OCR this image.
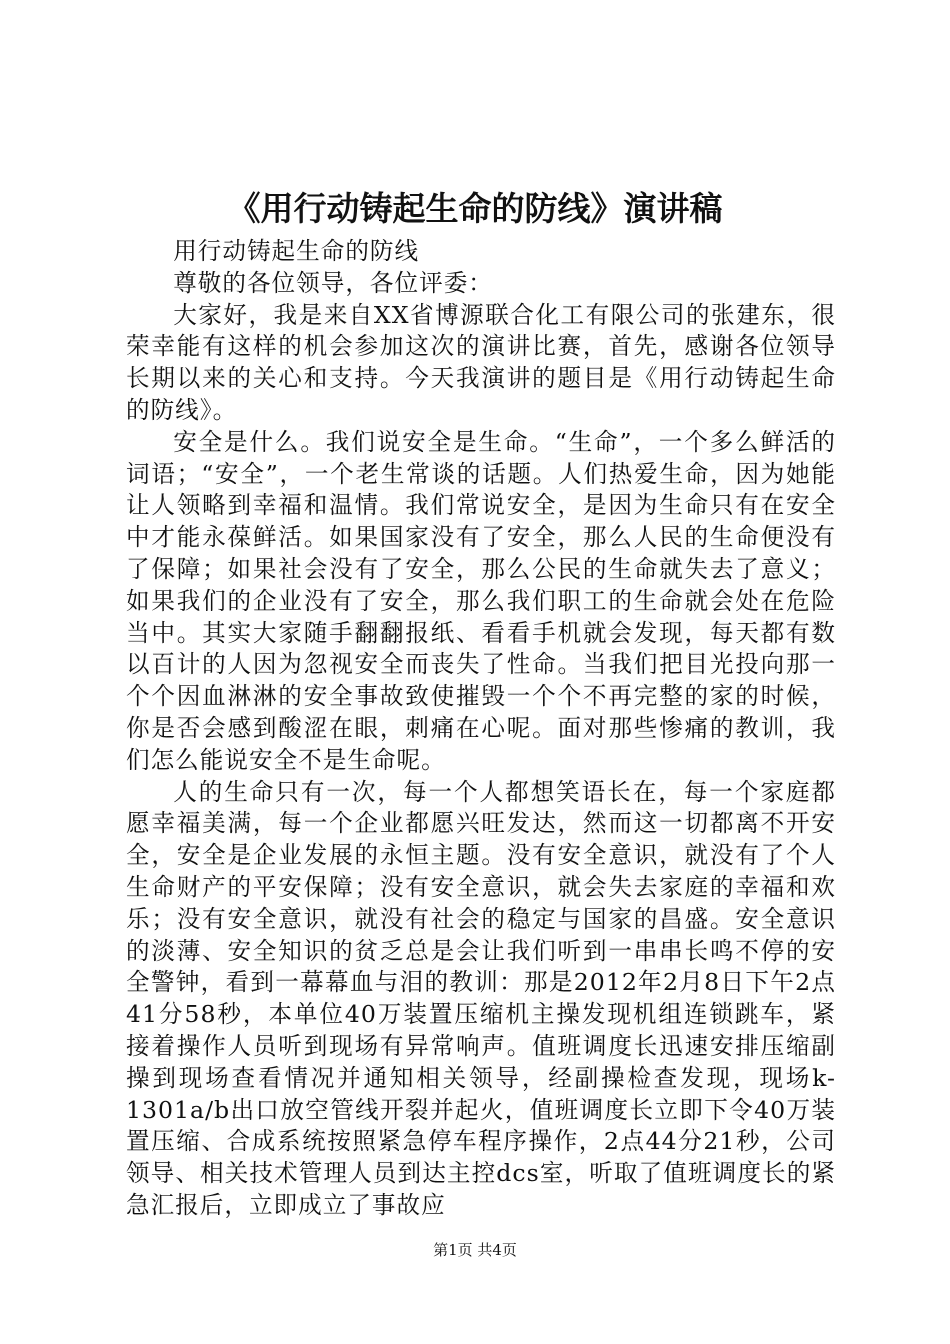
《用行动铸起生命的防线》演讲稿

用行动铸起生命的防线

尊敬的各位领导，各位评委：

大家好，我是来自XX省博源联合化工有限公司的张建东，很荣幸能有这样的机会参加这次的演讲比赛，首先，感谢各位领导长期以来的关心和支持。今天我演讲的题目是《用行动铸起生命的防线》。

安全是什么。我们说安全是生命。“生命”，一个多么鲜活的词语；“安全”，一个老生常谈的话题。人们热爱生命，因为她能让人领略到幸福和温情。我们常说安全，是因为生命只有在安全中才能永葆鲜活。如果国家没有了安全，那么人民的生命便没有了保障；如果社会没有了安全，那么公民的生命就失去了意义；如果我们的企业没有了安全，那么我们职工的生命就会处在危险当中。其实大家随手翻翻报纸、看看手机就会发现，每天都有数以百计的人因为忽视安全而丧失了性命。当我们把目光投向那一个个因血淋淋的安全事故致使摧毁一个个不再完整的家的时候，你是否会感到酸涩在眼，刺痛在心呢。面对那些惨痛的教训，我们怎么能说安全不是生命呢。

人的生命只有一次，每一个人都想笑语长在，每一个家庭都愿幸福美满，每一个企业都愿兴旺发达，然而这一切都离不开安全，安全是企业发展的永恒主题。没有安全意识，就没有了个人生命财产的平安保障；没有安全意识，就会失去家庭的幸福和欢乐；没有安全意识，就没有社会的稳定与国家的昌盛。安全意识的淡薄、安全知识的贫乏总是会让我们听到一串串长鸣不停的安全警钟，看到一幕幕血与泪的教训：那是2012年2月8日下午2点41分58秒，本单位40万装置压缩机主操发现机组连锁跳车，紧接着操作人员听到现场有异常响声。值班调度长迅速安排压缩副操到现场查看情况并通知相关领导，经副操检查发现，现场k-1301a/b出口放空管线开裂并起火，值班调度长立即下令40万装置压缩、合成系统按照紧急停车程序操作，2点44分21秒，公司领导、相关技术管理人员到达主控dcs室，听取了值班调度长的紧急汇报后，立即成立了事故应

第1页 共4页
